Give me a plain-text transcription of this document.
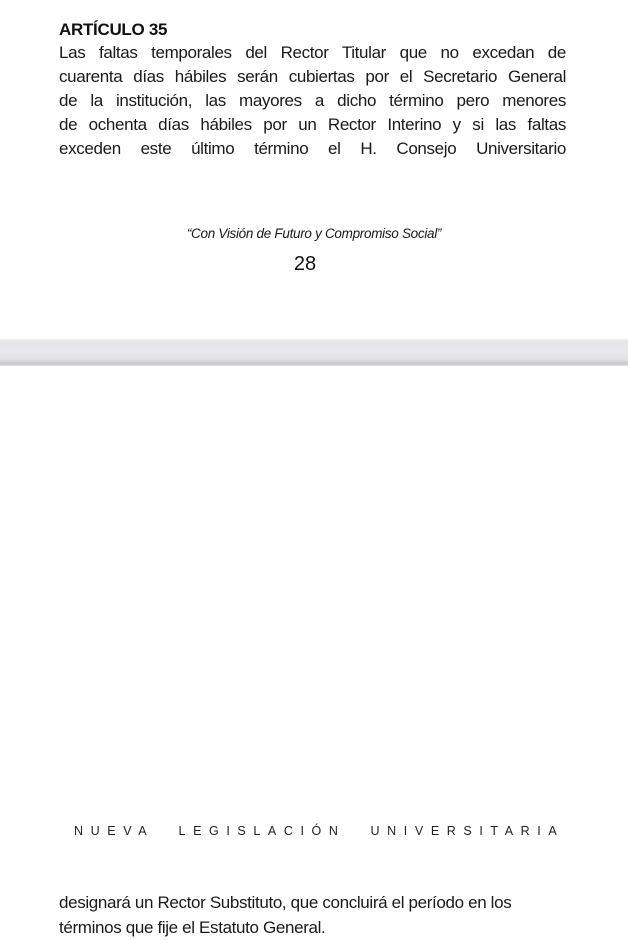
ARTÍCULO 35
Las faltas temporales del Rector Titular que no excedan de
cuarenta días hábiles serán cubiertas por el Secretario General
de la institución, las mayores a dicho término pero menores
de ochenta días hábiles por un Rector Interino y si las faltas
exceden este último término el H. Consejo Universitario
“Con Visión de Futuro y Compromiso Social”
28
NUEVA LEGISLACIÓN UNIVERSITARIA
designará un Rector Substituto, que concluirá el período en los
términos que fije el Estatuto General.
